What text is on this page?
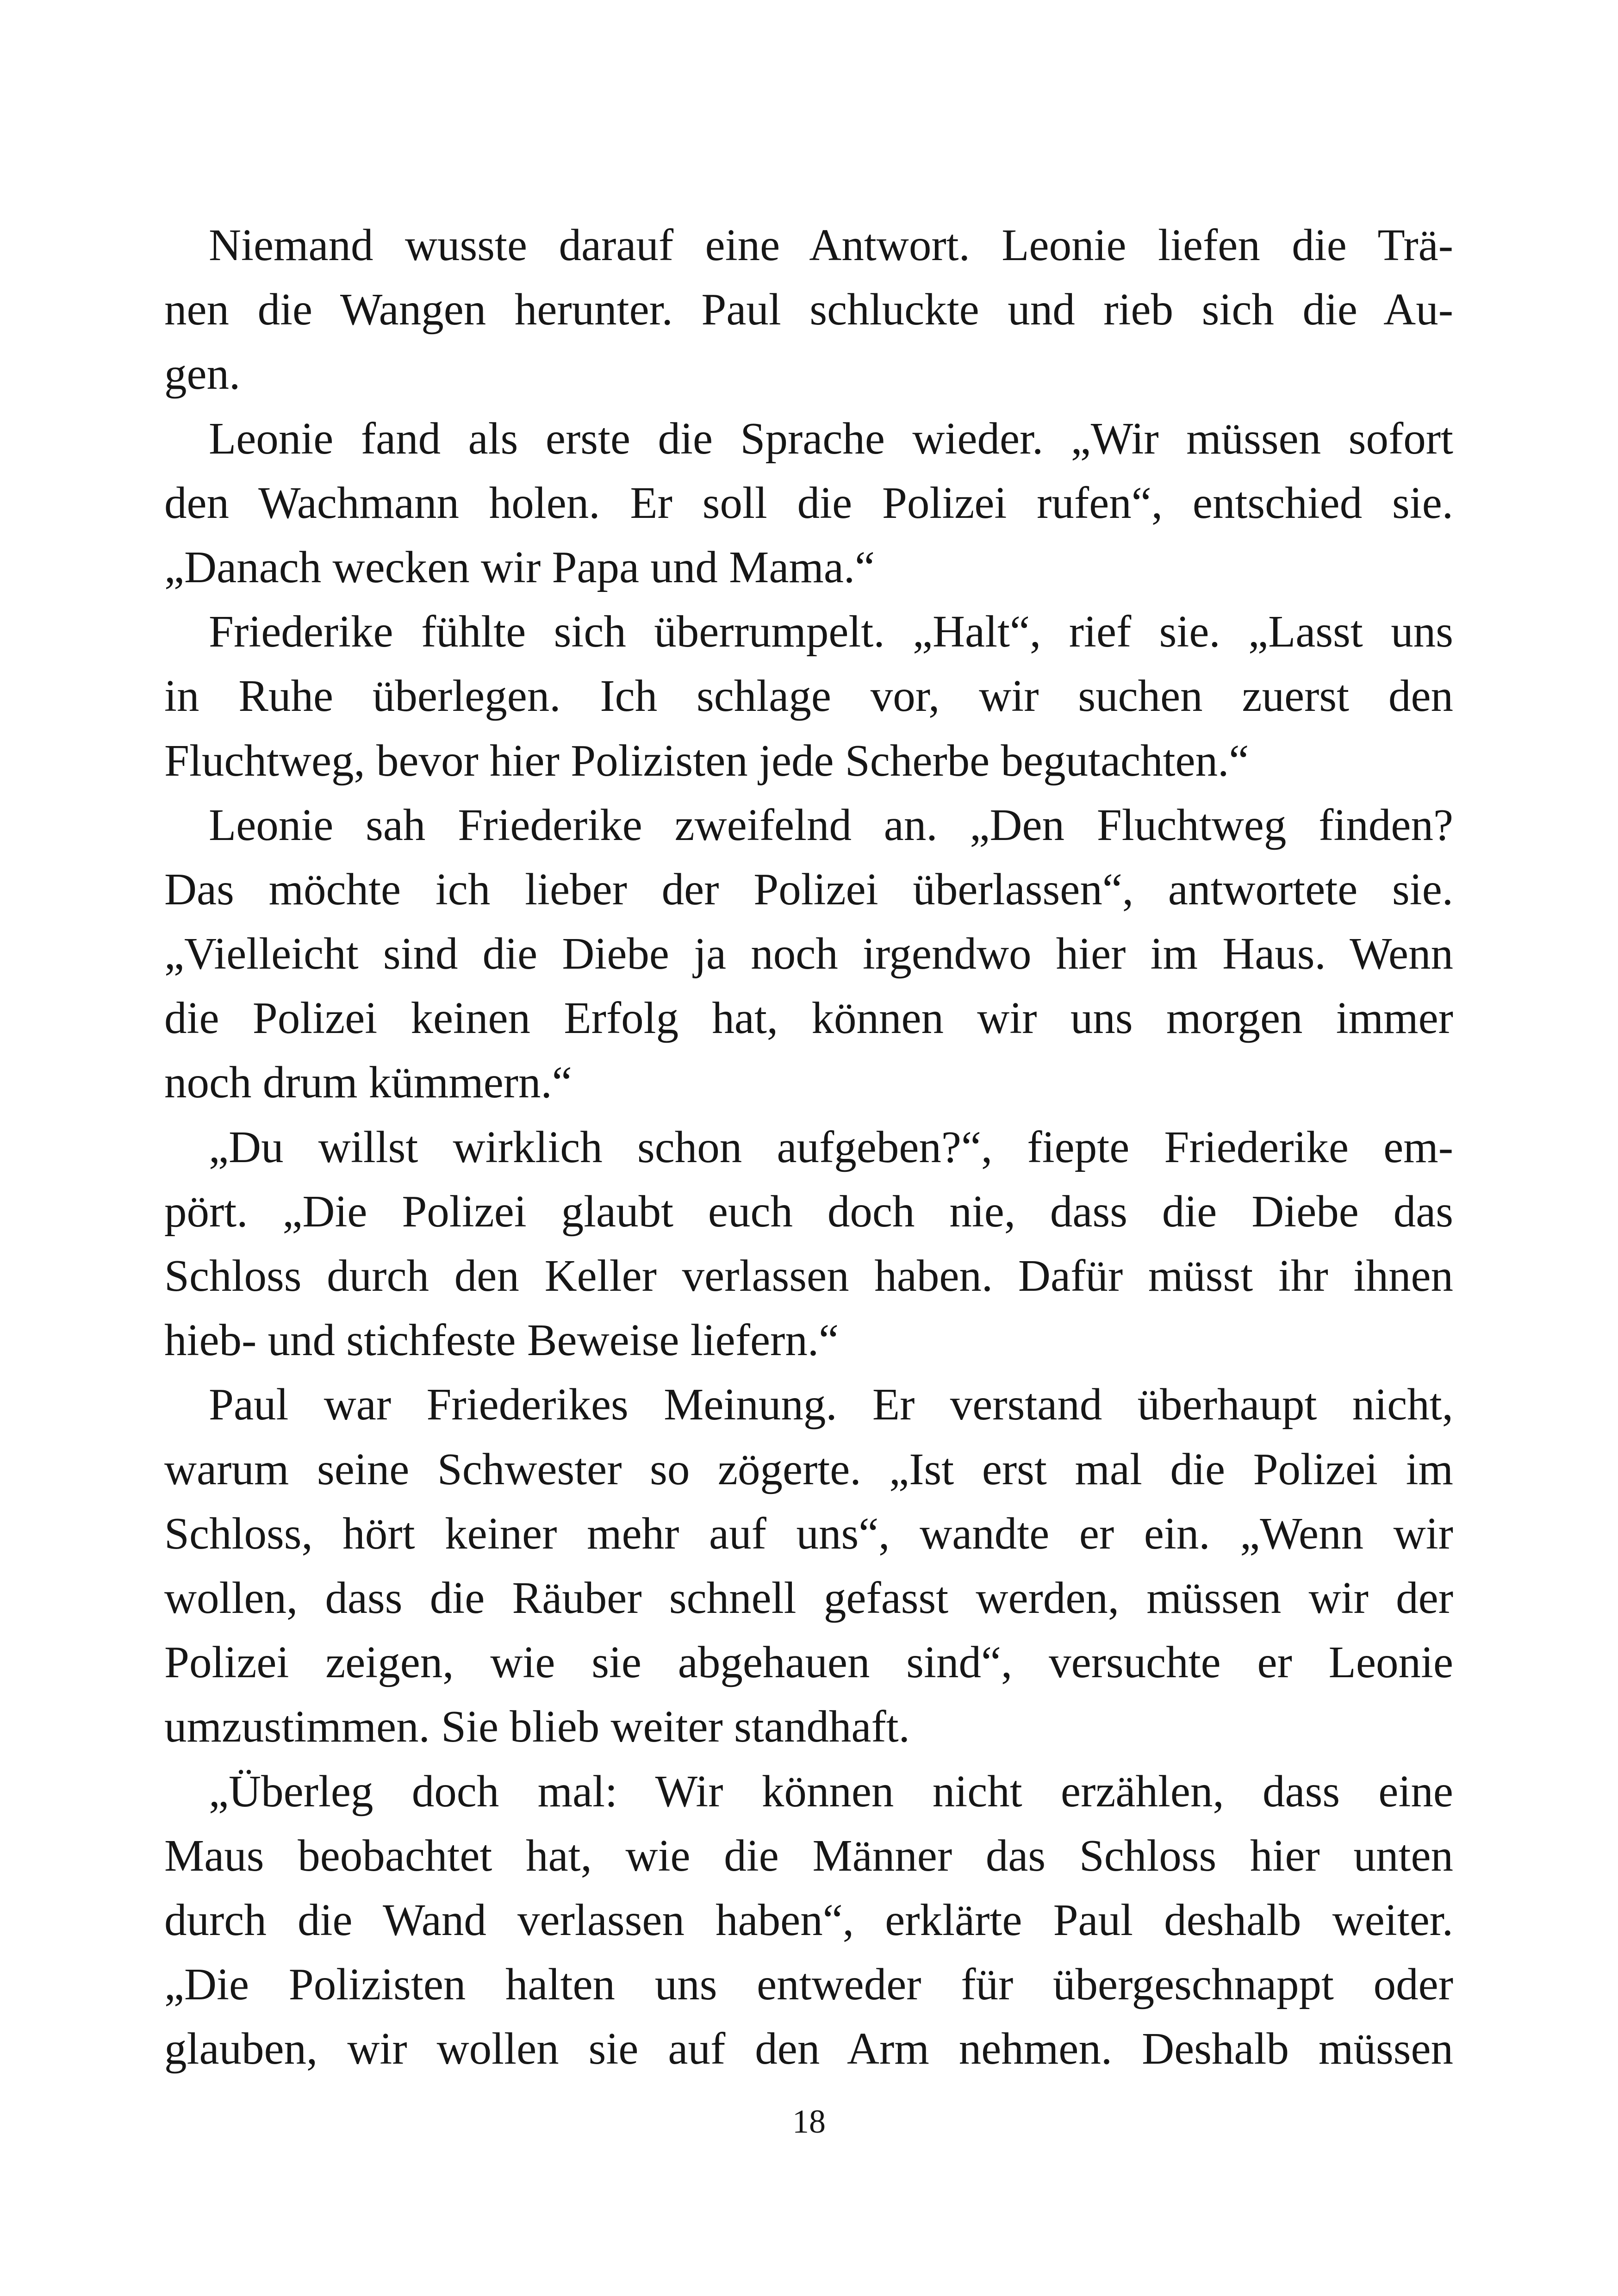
Niemand wusste darauf eine Antwort. Leonie liefen die Trä-
nen die Wangen herunter. Paul schluckte und rieb sich die Au-
gen.
Leonie fand als erste die Sprache wieder. „Wir müssen sofort
den Wachmann holen. Er soll die Polizei rufen“, entschied sie.
„Danach wecken wir Papa und Mama.“
Friederike fühlte sich überrumpelt. „Halt“, rief sie. „Lasst uns
in Ruhe überlegen. Ich schlage vor, wir suchen zuerst den
Fluchtweg, bevor hier Polizisten jede Scherbe begutachten.“
Leonie sah Friederike zweifelnd an. „Den Fluchtweg finden?
Das möchte ich lieber der Polizei überlassen“, antwortete sie.
„Vielleicht sind die Diebe ja noch irgendwo hier im Haus. Wenn
die Polizei keinen Erfolg hat, können wir uns morgen immer
noch drum kümmern.“
„Du willst wirklich schon aufgeben?“, fiepte Friederike em-
pört. „Die Polizei glaubt euch doch nie, dass die Diebe das
Schloss durch den Keller verlassen haben. Dafür müsst ihr ihnen
hieb- und stichfeste Beweise liefern.“
Paul war Friederikes Meinung. Er verstand überhaupt nicht,
warum seine Schwester so zögerte. „Ist erst mal die Polizei im
Schloss, hört keiner mehr auf uns“, wandte er ein. „Wenn wir
wollen, dass die Räuber schnell gefasst werden, müssen wir der
Polizei zeigen, wie sie abgehauen sind“, versuchte er Leonie
umzustimmen. Sie blieb weiter standhaft.
„Überleg doch mal: Wir können nicht erzählen, dass eine
Maus beobachtet hat, wie die Männer das Schloss hier unten
durch die Wand verlassen haben“, erklärte Paul deshalb weiter.
„Die Polizisten halten uns entweder für übergeschnappt oder
glauben, wir wollen sie auf den Arm nehmen. Deshalb müssen
18
